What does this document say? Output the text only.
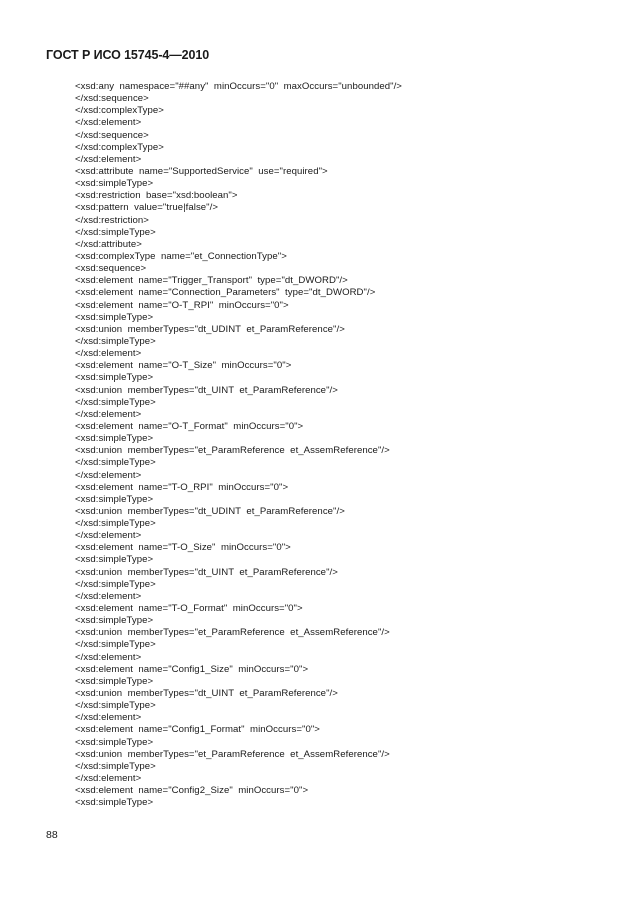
ГОСТ Р ИСО 15745-4—2010
<xsd:any  namespace="##any"  minOccurs="0"  maxOccurs="unbounded"/>
</xsd:sequence>
</xsd:complexType>
</xsd:element>
</xsd:sequence>
</xsd:complexType>
</xsd:element>
<xsd:attribute  name="SupportedService"  use="required">
<xsd:simpleType>
<xsd:restriction  base="xsd:boolean">
<xsd:pattern  value="true|false"/>
</xsd:restriction>
</xsd:simpleType>
</xsd:attribute>
<xsd:complexType  name="et_ConnectionType">
<xsd:sequence>
<xsd:element  name="Trigger_Transport"  type="dt_DWORD"/>
<xsd:element  name="Connection_Parameters"  type="dt_DWORD"/>
<xsd:element  name="O-T_RPI"  minOccurs="0">
<xsd:simpleType>
<xsd:union  memberTypes="dt_UDINT  et_ParamReference"/>
</xsd:simpleType>
</xsd:element>
<xsd:element  name="O-T_Size"  minOccurs="0">
<xsd:simpleType>
<xsd:union  memberTypes="dt_UINT  et_ParamReference"/>
</xsd:simpleType>
</xsd:element>
<xsd:element  name="O-T_Format"  minOccurs="0">
<xsd:simpleType>
<xsd:union  memberTypes="et_ParamReference  et_AssemReference"/>
</xsd:simpleType>
</xsd:element>
<xsd:element  name="T-O_RPI"  minOccurs="0">
<xsd:simpleType>
<xsd:union  memberTypes="dt_UDINT  et_ParamReference"/>
</xsd:simpleType>
</xsd:element>
<xsd:element  name="T-O_Size"  minOccurs="0">
<xsd:simpleType>
<xsd:union  memberTypes="dt_UINT  et_ParamReference"/>
</xsd:simpleType>
</xsd:element>
<xsd:element  name="T-O_Format"  minOccurs="0">
<xsd:simpleType>
<xsd:union  memberTypes="et_ParamReference  et_AssemReference"/>
</xsd:simpleType>
</xsd:element>
<xsd:element  name="Config1_Size"  minOccurs="0">
<xsd:simpleType>
<xsd:union  memberTypes="dt_UINT  et_ParamReference"/>
</xsd:simpleType>
</xsd:element>
<xsd:element  name="Config1_Format"  minOccurs="0">
<xsd:simpleType>
<xsd:union  memberTypes="et_ParamReference  et_AssemReference"/>
</xsd:simpleType>
</xsd:element>
<xsd:element  name="Config2_Size"  minOccurs="0">
<xsd:simpleType>
88
